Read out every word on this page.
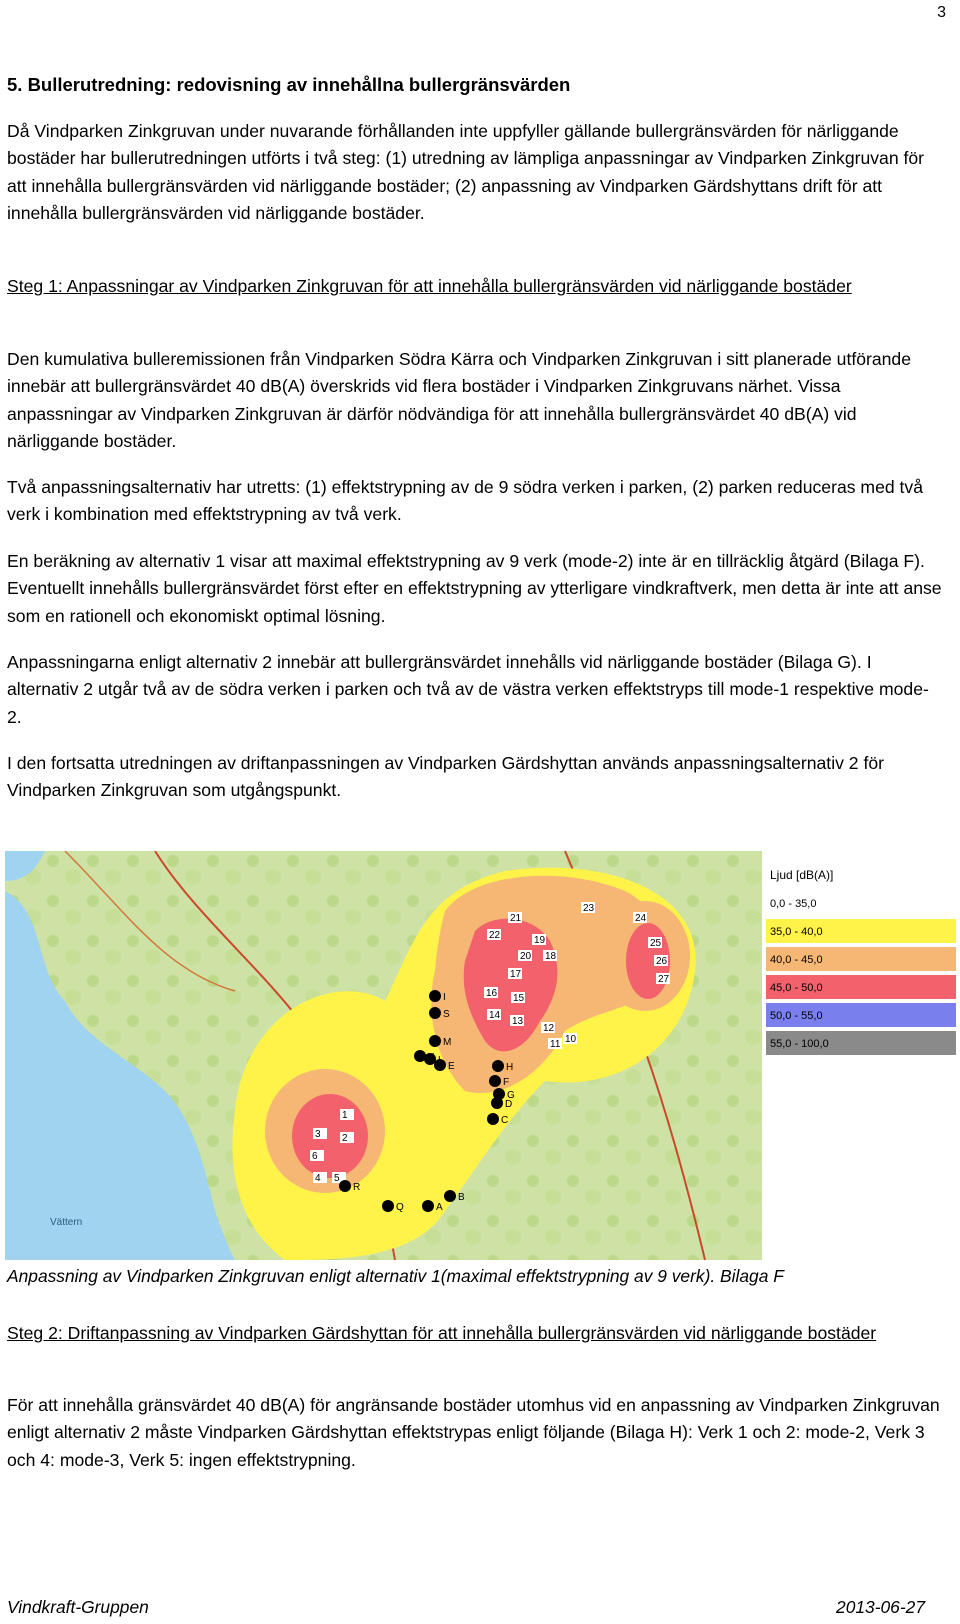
3
5. Bullerutredning: redovisning av innehållna bullergränsvärden

Då Vindparken Zinkgruvan under nuvarande förhållanden inte uppfyller gällande bullergränsvärden för närliggande bostäder har bullerutredningen utförts i två steg: (1) utredning av lämpliga anpassningar av Vindparken Zinkgruvan för att innehålla bullergränsvärden vid närliggande bostäder; (2) anpassning av Vindparken Gärdshyttans drift för att innehålla bullergränsvärden vid närliggande bostäder.

Steg 1: Anpassningar av Vindparken Zinkgruvan för att innehålla bullergränsvärden vid närliggande bostäder

Den kumulativa bulleremissionen från Vindparken Södra Kärra och Vindparken Zinkgruvan i sitt planerade utförande innebär att bullergränsvärdet 40 dB(A) överskrids vid flera bostäder i Vindparken Zinkgruvans närhet. Vissa anpassningar av Vindparken Zinkgruvan är därför nödvändiga för att innehålla bullergränsvärdet 40 dB(A) vid närliggande bostäder.

Två anpassningsalternativ har utretts: (1) effektstrypning av de 9 södra verken i parken, (2) parken reduceras med två verk i kombination med effektstrypning av två verk.

En beräkning av alternativ 1 visar att maximal effektstrypning av 9 verk (mode-2) inte är en tillräcklig åtgärd (Bilaga F). Eventuellt innehålls bullergränsvärdet först efter en effektstrypning av ytterligare vindkraftverk, men detta är inte att anse som en rationell och ekonomiskt optimal lösning.

Anpassningarna enligt alternativ 2 innebär att bullergränsvärdet innehålls vid närliggande bostäder (Bilaga G). I alternativ 2 utgår två av de södra verken i parken och två av de västra verken effektstryps till mode-1 respektive mode-2.

I den fortsatta utredningen av driftanpassningen av Vindparken Gärdshyttan används anpassningsalternativ 2 för Vindparken Zinkgruvan som utgångspunkt.

Vättern
21
22	19
20 18
17
16 15
14
13
12
11 10
23
24
25
26
27
1
3 2
6
4 5
I
S
M
E	H
F
G
D
C
R
Q	A
B
Ljud [dB(A)]
0,0 - 35,0
35,0 - 40,0
40,0 - 45,0
45,0 - 50,0
50,0 - 55,0
55,0 - 100,0
Anpassning av Vindparken Zinkgruvan enligt alternativ 1(maximal effektstrypning av 9 verk). Bilaga F

Steg 2: Driftanpassning av Vindparken Gärdshyttan för att innehålla bullergränsvärden vid närliggande bostäder

För att innehålla gränsvärdet 40 dB(A) för angränsande bostäder utomhus vid en anpassning av Vindparken Zinkgruvan enligt alternativ 2 måste Vindparken Gärdshyttan effektstrypas enligt följande (Bilaga H): Verk 1 och 2: mode-2, Verk 3 och 4: mode-3, Verk 5: ingen effektstrypning.

Vindkraft-Gruppen	2013-06-27
